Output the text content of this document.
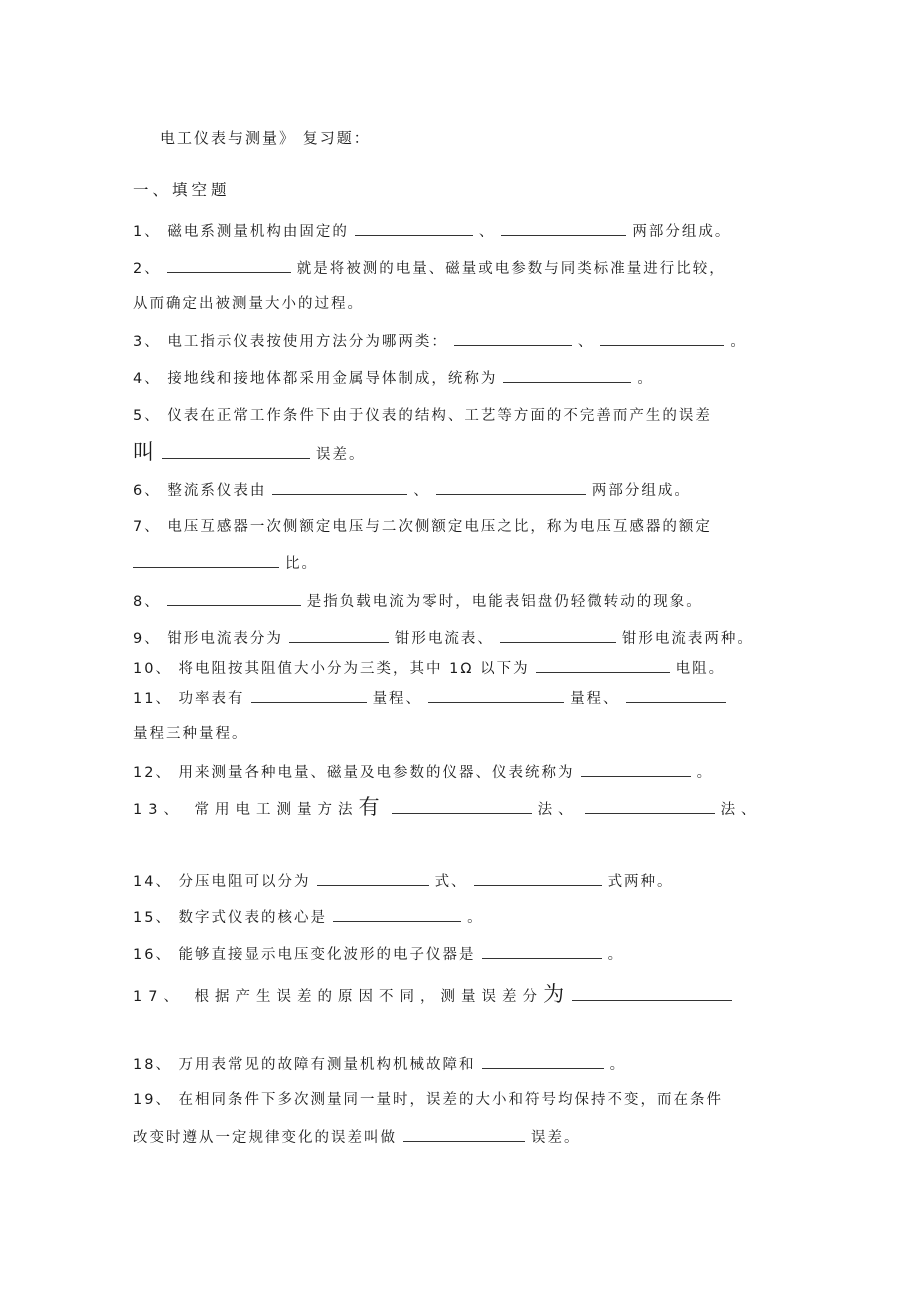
电工仪表与测量》 复习题：
一、填空题
1、 磁电系测量机构由固定的	、	两部分组成。
2、	就是将被测的电量、磁量或电参数与同类标准量进行比较，
从而确定出被测量大小的过程。
3、 电工指示仪表按使用方法分为哪两类：	、	。
4、 接地线和接地体都采用金属导体制成，统称为	。
5、 仪表在正常工作条件下由于仪表的结构、工艺等方面的不完善而产生的误差
叫	误差。
6、 整流系仪表由	、	两部分组成。
7、 电压互感器一次侧额定电压与二次侧额定电压之比，称为电压互感器的额定
比。
8、	是指负载电流为零时，电能表铝盘仍轻微转动的现象。
9、 钳形电流表分为	钳形电流表、	钳形电流表两种。
10、 将电阻按其阻值大小分为三类，其中 1Ω 以下为	电阻。
11、 功率表有	量程、	量程、
量程三种量程。
12、 用来测量各种电量、磁量及电参数的仪器、仪表统称为	。
13、 常用电工测量方法有	法、	法、
14、 分压电阻可以分为	式、	式两种。
15、 数字式仪表的核心是	。
16、 能够直接显示电压变化波形的电子仪器是	。
17、 根据产生误差的原因不同，测量误差分为
18、 万用表常见的故障有测量机构机械故障和	。
19、 在相同条件下多次测量同一量时，误差的大小和符号均保持不变，而在条件
改变时遵从一定规律变化的误差叫做	误差。
